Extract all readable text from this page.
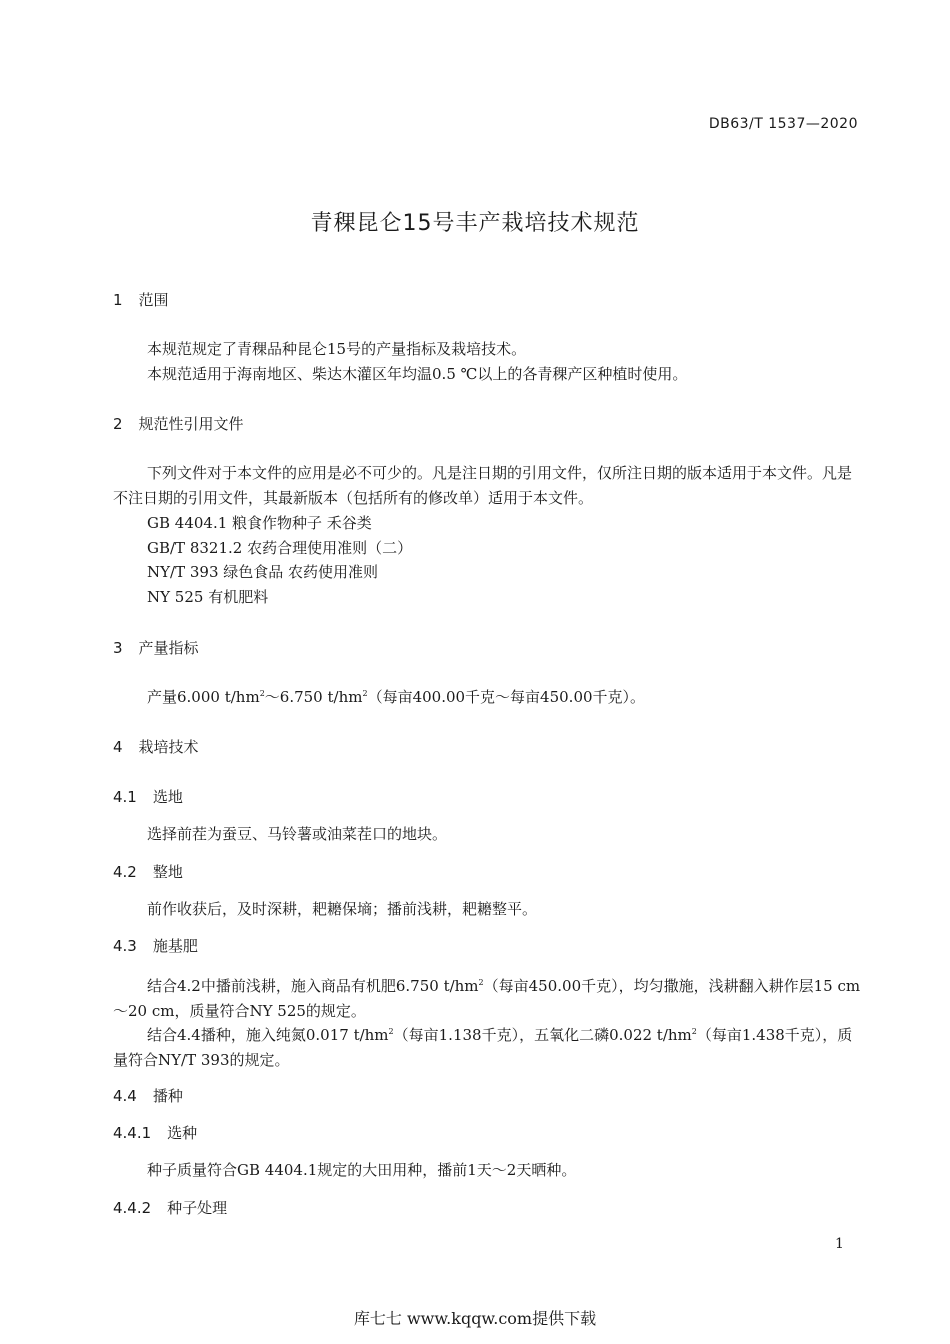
DB63/T 1537—2020
青稞昆仑15号丰产栽培技术规范
1 范围
本规范规定了青稞品种昆仑15号的产量指标及栽培技术。
本规范适用于海南地区、柴达木灌区年均温0.5 ℃以上的各青稞产区种植时使用。
2 规范性引用文件
下列文件对于本文件的应用是必不可少的。凡是注日期的引用文件，仅所注日期的版本适用于本文件。凡是不注日期的引用文件，其最新版本（包括所有的修改单）适用于本文件。
GB 4404.1 粮食作物种子 禾谷类
GB/T 8321.2 农药合理使用准则（二）
NY/T 393 绿色食品 农药使用准则
NY 525 有机肥料
3 产量指标
产量6.000 $t/hm^2\sim 6.750$ $t/hm^2$（每亩400.00千克～每亩450.00千克）。
4 栽培技术
4.1 选地
选择前茬为蚕豆、马铃薯或油菜茬口的地块。
4.2 整地
前作收获后，及时深耕，耙耱保墒；播前浅耕，耙耱整平。
4.3 施基肥
结合4.2中播前浅耕，施入商品有机肥6.750 $t/hm^2$（每亩450.00千克），均匀撒施，浅耕翻入耕作层15 cm～20 cm，质量符合NY 525的规定。
结合4.4播种，施入纯氮0.017 $t/hm^2$（每亩1.138千克），五氧化二磷0.022 $t/hm^2$（每亩1.438千克），质量符合NY/T 393的规定。
4.4 播种
4.4.1 选种
种子质量符合GB 4404.1规定的大田用种，播前1天～2天晒种。
4.4.2 种子处理
1
库七七 www.kqqw.com提供下载
